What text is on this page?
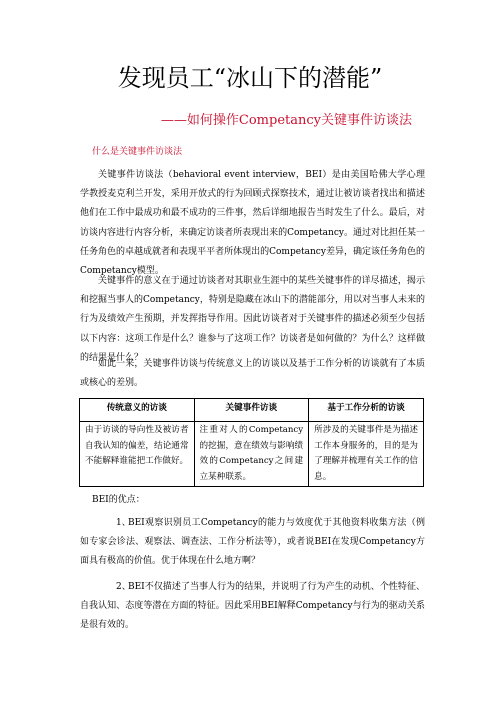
发现员工“冰山下的潜能”
——如何操作Competancy关键事件访谈法
什么是关键事件访谈法

关键事件访谈法（behavioral event interview，BEI）是由美国哈佛大学心理学教授麦克利兰开发，采用开放式的行为回顾式探察技术，通过让被访谈者找出和描述他们在工作中最成功和最不成功的三件事，然后详细地报告当时发生了什么。最后，对访谈内容进行内容分析，来确定访谈者所表现出来的Competancy。通过对比担任某一任务角色的卓越成就者和表现平平者所体现出的Competancy差异，确定该任务角色的Competancy模型。

关键事件的意义在于通过访谈者对其职业生涯中的某些关键事件的详尽描述，揭示和挖掘当事人的Competancy，特别是隐藏在冰山下的潜能部分，用以对当事人未来的行为及绩效产生预期，并发挥指导作用。因此访谈者对于关键事件的描述必须至少包括以下内容：这项工作是什么？谁参与了这项工作？访谈者是如何做的？为什么？这样做的结果是什么？

如此一来，关键事件访谈与传统意义上的访谈以及基于工作分析的访谈就有了本质或核心的差别。

传统意义的访谈	关键事件访谈	基于工作分析的访谈
由于访谈的导向性及被访者自我认知的偏差，结论通常不能解释谁能把工作做好。	注重对人的Competancy的挖掘，意在绩效与影响绩效的Competancy之间建立某种联系。	所涉及的关键事件是为描述工作本身服务的，目的是为了理解并梳理有关工作的信息。
BEI的优点：

1、BEI观察识别员工Competancy的能力与效度优于其他资料收集方法（例如专家会诊法、观察法、调查法、工作分析法等），或者说BEI在发现Competancy方面具有极高的价值。优于体现在什么地方啊？

2、BEI不仅描述了当事人行为的结果，并说明了行为产生的动机、个性特征、自我认知、态度等潜在方面的特征。因此采用BEI解释Competancy与行为的驱动关系是很有效的。
